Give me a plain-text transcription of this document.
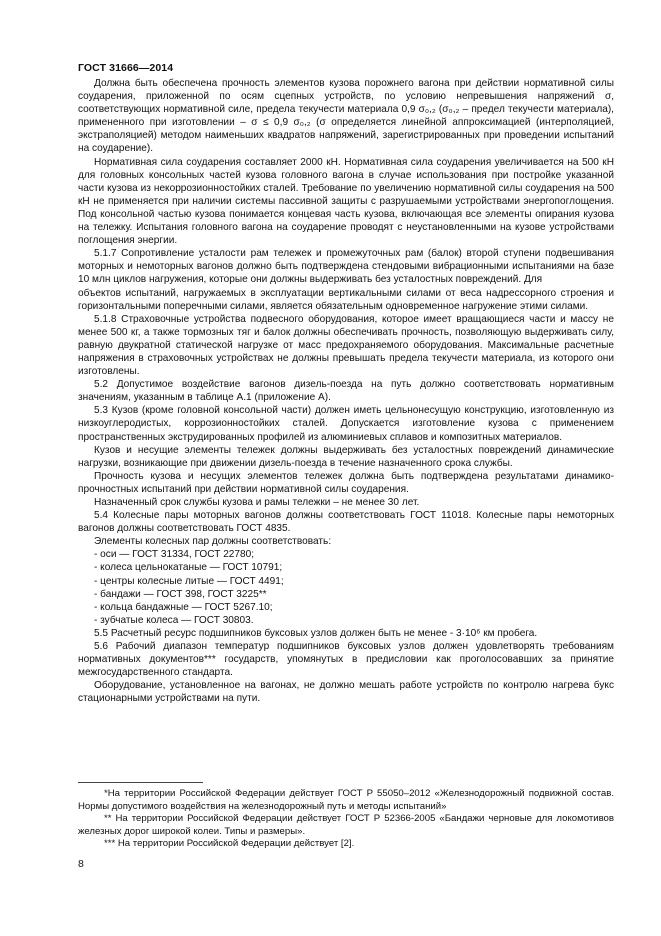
ГОСТ 31666—2014

Должна быть обеспечена прочность элементов кузова порожнего вагона при действии нормативной силы соударения, приложенной по осям сцепных устройств, по условию непревышения напряжений σ, соответствующих нормативной силе, предела текучести материала 0,9 σ₀,₂ (σ₀,₂ – предел текучести материала), примененного при изготовлении – σ ≤ 0,9 σ₀,₂ (σ определяется линейной аппроксимацией (интерполяцией, экстраполяцией) методом наименьших квадратов напряжений, зарегистрированных при проведении испытаний на соударение).

Нормативная сила соударения составляет 2000 кН. Нормативная сила соударения увеличивается на 500 кН для головных консольных частей кузова головного вагона в случае использования при постройке указанной части кузова из некоррозионностойких сталей. Требование по увеличению нормативной силы соударения на 500 кН не применяется при наличии системы пассивной защиты с разрушаемыми устройствами энергопоглощения. Под консольной частью кузова понимается концевая часть кузова, включающая все элементы опирания кузова на тележку. Испытания головного вагона на соударение проводят с неустановленными на кузове устройствами поглощения энергии.

5.1.7 Сопротивление усталости рам тележек и промежуточных рам (балок) второй ступени подвешивания моторных и немоторных вагонов должно быть подтверждена стендовыми вибрационными испытаниями на базе 10 млн циклов нагружения, которые они должны выдерживать без усталостных повреждений. Для

объектов испытаний, нагружаемых в эксплуатации вертикальными силами от веса надрессорного строения и горизонтальными поперечными силами, является обязательным одновременное нагружение этими силами.

5.1.8 Страховочные устройства подвесного оборудования, которое имеет вращающиеся части и массу не менее 500 кг, а также тормозных тяг и балок должны обеспечивать прочность, позволяющую выдерживать силу, равную двукратной статической нагрузке от масс предохраняемого оборудования. Максимальные расчетные напряжения в страховочных устройствах не должны превышать предела текучести материала, из которого они изготовлены.

5.2 Допустимое воздействие вагонов дизель-поезда на путь должно соответствовать нормативным значениям, указанным в таблице А.1 (приложение А).

5.3 Кузов (кроме головной консольной части) должен иметь цельнонесущую конструкцию, изготовленную из низкоуглеродистых, коррозионностойких сталей. Допускается изготовление кузова с применением пространственных экструдированных профилей из алюминиевых сплавов и композитных материалов.

Кузов и несущие элементы тележек должны выдерживать без усталостных повреждений динамические нагрузки, возникающие при движении дизель-поезда в течение назначенного срока службы.

Прочность кузова и несущих элементов тележек должна быть подтверждена результатами динамико-прочностных испытаний при действии нормативной силы соударения.

Назначенный срок службы кузова и рамы тележки – не менее 30 лет.

5.4 Колесные пары моторных вагонов должны соответствовать ГОСТ 11018. Колесные пары немоторных вагонов должны соответствовать ГОСТ 4835.

Элементы колесных пар должны соответствовать:

- оси — ГОСТ 31334, ГОСТ 22780;

- колеса цельнокатаные — ГОСТ 10791;

- центры колесные литые — ГОСТ 4491;

- бандажи — ГОСТ 398, ГОСТ 3225**

- кольца бандажные — ГОСТ 5267.10;

- зубчатые колеса — ГОСТ 30803.

5.5 Расчетный ресурс подшипников буксовых узлов должен быть не менее - 3·10⁶ км пробега.

5.6 Рабочий диапазон температур подшипников буксовых узлов должен удовлетворять требованиям нормативных документов*** государств, упомянутых в предисловии как проголосовавших за принятие межгосударственного стандарта.

Оборудование, установленное на вагонах, не должно мешать работе устройств по контролю нагрева букс стационарными устройствами на пути.

*На территории Российской Федерации действует ГОСТ Р 55050–2012 «Железнодорожный подвижной состав. Нормы допустимого воздействия на железнодорожный путь и методы испытаний»

** На территории Российской Федерации действует ГОСТ Р 52366-2005 «Бандажи черновые для локомотивов железных дорог широкой колеи. Типы и размеры».

*** На территории Российской Федерации действует [2].

8
